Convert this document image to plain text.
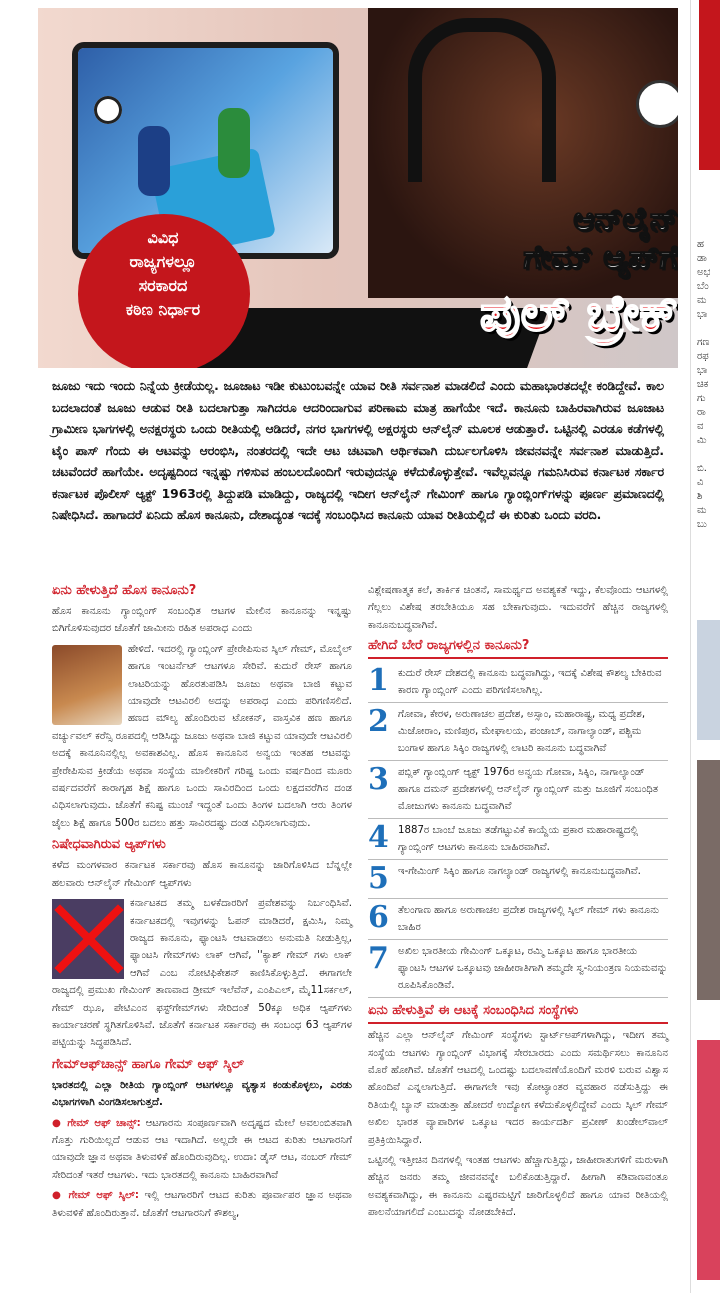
ವಿವಿಧ
ರಾಜ್ಯಗಳಲ್ಲೂ
ಸರಕಾರದ
ಕಠಿಣ ನಿರ್ಧಾರ
ಆನ್‌ಲೈನ್
ಗೇಮ್ ಆ್ಯಪ್‌ಗೆ
ಪುಲ್ ಬ್ರೇಕ್
ಜೂಜು ಇದು ಇಂದು ನಿನ್ನೆಯ ಕ್ರೀಡೆಯಲ್ಲ. ಜೂಜಾಟ ಇಡೀ ಕುಟುಂಬವನ್ನೇ ಯಾವ ರೀತಿ ಸರ್ವನಾಶ ಮಾಡಲಿದೆ ಎಂದು ಮಹಾಭಾರತದಲ್ಲೇ ಕಂಡಿದ್ದೇವೆ. ಕಾಲ ಬದಲಾದಂತೆ ಜೂಜು ಆಡುವ ರೀತಿ ಬದಲಾಗುತ್ತಾ ಸಾಗಿದರೂ ಆದರಿಂದಾಗುವ ಪರಿಣಾಮ ಮಾತ್ರ ಹಾಗೆಯೇ ಇದೆ. ಕಾನೂನು ಬಾಹಿರವಾಗಿರುವ ಜೂಜಾಟ ಗ್ರಾಮೀಣ ಭಾಗಗಳಲ್ಲಿ ಅನಕ್ಷರಸ್ಥರು ಒಂದು ರೀತಿಯಲ್ಲಿ ಆಡಿದರೆ, ನಗರ ಭಾಗಗಳಲ್ಲಿ ಅಕ್ಷರಸ್ಥರು ಆನ್‌ಲೈನ್ ಮೂಲಕ ಆಡುತ್ತಾರೆ. ಒಟ್ಟಿನಲ್ಲಿ ಎರಡೂ ಕಡೆಗಳಲ್ಲಿ ಟೈಂ ಪಾಸ್ ಗೆಂದು ಈ ಆಟವನ್ನು ಆರಂಭಿಸಿ, ನಂತರದಲ್ಲಿ ಇದೇ ಆಟ ಚಟವಾಗಿ ಆರ್ಥಿಕವಾಗಿ ದುರ್ಬಲಗೊಳಿಸಿ ಜೀವನವನ್ನೇ ಸರ್ವನಾಶ ಮಾಡುತ್ತಿದೆ. ಚಟವೆಂದರೆ ಹಾಗೆಯೇ. ಅದೃಷ್ಟದಿಂದ ಇನ್ನಷ್ಟು ಗಳಿಸುವ ಹಂಬಲದೊಂದಿಗೆ ಇರುವುದನ್ನೂ ಕಳೆದುಕೊಳ್ಳುತ್ತೇವೆ. ಇವೆಲ್ಲವನ್ನೂ ಗಮನಿಸಿರುವ ಕರ್ನಾಟಕ ಸರ್ಕಾರ ಕರ್ನಾಟಕ ಪೊಲೀಸ್ ಆ್ಯಕ್ಟ್ 1963ರಲ್ಲಿ ತಿದ್ದುಪಡಿ ಮಾಡಿದ್ದು, ರಾಜ್ಯದಲ್ಲಿ ಇದೀಗ ಆನ್‌ಲೈನ್ ಗೇಮಿಂಗ್ ಹಾಗೂ ಗ್ಯಾಂಬ್ಲಿಂಗ್‌ಗಳನ್ನು ಪೂರ್ಣ ಪ್ರಮಾಣದಲ್ಲಿ ನಿಷೇಧಿಸಿದೆ. ಹಾಗಾದರೆ ಏನಿದು ಹೊಸ ಕಾನೂನು, ದೇಶಾದ್ಯಂತ ಇದಕ್ಕೆ ಸಂಬಂಧಿಸಿದ ಕಾನೂನು ಯಾವ ರೀತಿಯಲ್ಲಿದೆ ಈ ಕುರಿತು ಒಂದು ವರದಿ.
ಏನು ಹೇಳುತ್ತಿದೆ ಹೊಸ ಕಾನೂನು?
ಹೊಸ ಕಾನೂನು ಗ್ಯಾಂಬ್ಲಿಂಗ್ ಸಂಬಂಧಿತ ಆಟಗಳ ಮೇಲಿನ ಕಾನೂನನ್ನು ಇನ್ನಷ್ಟು ಬಿಗಿಗೊಳಿಸುವುದರ ಜೊತೆಗೆ ಜಾಮೀನು ರಹಿತ ಅಪರಾಧ ಎಂದು
ಹೇಳಿದೆ. ಇದರಲ್ಲಿ ಗ್ಯಾಂಬ್ಲಿಂಗ್ ಪ್ರೇರೇಪಿಸುವ ಸ್ಕಿಲ್ ಗೇಮ್, ಮೊಬೈಲ್ ಹಾಗೂ ಇಂಟರ್ನೆಟ್ ಆಟಗಳೂ ಸೇರಿವೆ. ಕುದುರೆ ರೇಸ್ ಹಾಗೂ ಲಾಟರಿಯನ್ನು ಹೊರತುಪಡಿಸಿ ಜೂಜು ಅಥವಾ ಬಾಜಿ ಕಟ್ಟುವ ಯಾವುದೇ ಆಟವಿರಲಿ ಅದನ್ನು ಅಪರಾಧ ಎಂದು ಪರಿಗಣಿಸಲಿದೆ. ಹಣದ ಮೌಲ್ಯ ಹೊಂದಿರುವ ಟೋಕನ್, ವಾಸ್ತವಿಕ ಹಣ ಹಾಗೂ ವರ್ಚ್ಯುವಲ್ ಕರೆನ್ಸಿ ರೂಪದಲ್ಲಿ ಆಡಿಸಿದ್ದು ಜೂಜು ಅಥವಾ ಬಾಜಿ ಕಟ್ಟುವ ಯಾವುದೇ ಆಟವಿರಲಿ ಅದಕ್ಕೆ ಕಾನೂನಿನಲ್ಲಿಲ್ಲ ಅವಕಾಶವಿಲ್ಲ. ಹೊಸ ಕಾನೂನಿನ ಅನ್ವಯ ಇಂತಹ ಆಟವನ್ನು ಪ್ರೇರೇಪಿಸುವ ಕ್ರೀಡೆಯ ಅಥವಾ ಸಂಸ್ಥೆಯ ಮಾಲೀಕರಿಗೆ ಗರಿಷ್ಟ ಒಂದು ವರ್ಷದಿಂದ ಮೂರು ವರ್ಷದವರೆಗೆ ಕಾರಾಗೃಹ ಶಿಕ್ಷೆ ಹಾಗೂ ಒಂದು ಸಾವಿರದಿಂದ ಒಂದು ಲಕ್ಷದವರೆಗಿನ ದಂಡ ವಿಧಿಸಲಾಗುವುದು. ಜೊತೆಗೆ ಕನಿಷ್ಟ ಮುಂಚೆ ಇದ್ದಂತೆ ಒಂದು ತಿಂಗಳ ಬದಲಾಗಿ ಆರು ತಿಂಗಳ ಜೈಲು ಶಿಕ್ಷೆ ಹಾಗೂ 500ರ ಬದಲು ಹತ್ತು ಸಾವಿರದಷ್ಟು ದಂಡ ವಿಧಿಸಲಾಗುವುದು.
ನಿಷೇಧವಾಗಿರುವ ಆ್ಯಪ್‌ಗಳು
ಕಳೆದ ಮಂಗಳವಾರ ಕರ್ನಾಟಕ ಸರ್ಕಾರವು ಹೊಸ ಕಾನೂನನ್ನು ಜಾರಿಗೊಳಿಸಿದ ಬೆನ್ನಲ್ಲೇ ಹಲವಾರು ಆನ್‌ಲೈನ್ ಗೇಮಿಂಗ್ ಆ್ಯಪ್‌ಗಳು
ಕರ್ನಾಟಕದ ತಮ್ಮ ಬಳಕೆದಾರರಿಗೆ ಪ್ರವೇಶವನ್ನು ನಿರ್ಬಂಧಿಸಿವೆ. ಕರ್ನಾಟಕದಲ್ಲಿ ಇವುಗಳನ್ನು ಓಪನ್ ಮಾಡಿದರೆ, ಕ್ಷಮಿಸಿ, ನಿಮ್ಮ ರಾಜ್ಯದ ಕಾನೂನು, ಫ್ಯಾಂಟಸಿ ಆಟವಾಡಲು ಅನುಮತಿ ನೀಡುತ್ತಿಲ್ಲ, ಫ್ಯಾಂಟಸಿ ಗೇಮ್‌ಗಳು ಲಾಕ್ ಆಗಿವೆ, ''ಕ್ಯಾಶ್ ಗೇಮ್ ಗಳು ಲಾಕ್ ಆಗಿವೆ ಎಂಬ ನೋಟಿಫಿಕೇಶನ್ ಕಾಣಿಸಿಕೊಳ್ಳುತ್ತಿದೆ. ಈಗಾಗಲೇ ರಾಜ್ಯದಲ್ಲಿ ಪ್ರಮುಖ ಗೇಮಿಂಗ್ ತಾಣವಾದ ಡ್ರೀಮ್ ಇಲೆವೆನ್, ಎಂಪಿಎಲ್, ಮೈ11ಸರ್ಕಲ್, ಗೇಮ್ ಝೂ, ಪೇಟಿಎಂನ ಫಸ್ಟ್‌ಗೇಮ್‌ಗಳು ಸೇರಿದಂತೆ 50ಕ್ಕೂ ಅಧಿಕ ಆ್ಯಪ್‌ಗಳು ಕಾರ್ಯಾಚರಣೆ ಸ್ಥಗಿತಗೊಳಿಸಿವೆ. ಜೊತೆಗೆ ಕರ್ನಾಟಕ ಸರ್ಕಾರವು ಈ ಸಂಬಂಧ 63 ಆ್ಯಪ್‌ಗಳ ಪಟ್ಟಿಯನ್ನು ಸಿದ್ಧಪಡಿಸಿದೆ.
ಗೇಮ್‌ಆಫ್‌ಚಾನ್ಸ್ ಹಾಗೂ ಗೇಮ್ ಆಫ್ ಸ್ಕಿಲ್
ಭಾರತದಲ್ಲಿ ಎಲ್ಲಾ ರೀತಿಯ ಗ್ಯಾಂಬ್ಲಿಂಗ್ ಆಟಗಳಲ್ಲೂ ವ್ಯತ್ಯಾಸ ಕಂಡುಕೊಳ್ಳಲು, ಎರಡು ವಿಭಾಗಗಳಾಗಿ ವಿಂಗಡಿಸಲಾಗುತ್ತದೆ.
● ಗೇಮ್ ಆಫ್ ಚಾನ್ಸ್: ಆಟಗಾರನು ಸಂಪೂರ್ಣವಾಗಿ ಅದೃಷ್ಟದ ಮೇಲೆ ಅವಲಂಬಿತವಾಗಿ ಗೊತ್ತು ಗುರಿಯಿಲ್ಲದೆ ಆಡುವ ಆಟ ಇದಾಗಿದೆ. ಅಲ್ಲದೇ ಈ ಆಟದ ಕುರಿತು ಆಟಗಾರನಿಗೆ ಯಾವುದೇ ಜ್ಞಾನ ಅಥವಾ ತಿಳುವಳಿಕೆ ಹೊಂದಿರುವುದಿಲ್ಲ. ಉದಾ: ಡೈಸ್ ಆಟ, ನಂಬರ್ ಗೇಮ್ ಸೇರಿದಂತೆ ಇತರೆ ಆಟಗಳು. ಇದು ಭಾರತದಲ್ಲಿ ಕಾನೂನು ಬಾಹಿರವಾಗಿವೆ
● ಗೇಮ್ ಆಫ್ ಸ್ಕಿಲ್: ಇಲ್ಲಿ ಆಟಗಾರರಿಗೆ ಆಟದ ಕುರಿತು ಪೂರ್ವಾಪರ ಜ್ಞಾನ ಅಥವಾ ತಿಳುವಳಿಕೆ ಹೊಂದಿರುತ್ತಾನೆ. ಜೊತೆಗೆ ಆಟಗಾರನಿಗೆ ಕೌಶಲ್ಯ,
ವಿಶ್ಲೇಷಣಾತ್ಮಕ ಕಲೆ, ತಾರ್ಕಿಕ ಚಿಂತನೆ, ಸಾಮರ್ಥ್ಯದ ಅವಶ್ಯಕತೆ ಇದ್ದು, ಕೆಲವೊಂದು ಆಟಗಳಲ್ಲಿ ಗೆಲ್ಲಲು ವಿಶೇಷ ತರಬೇತಿಯೂ ಸಹ ಬೇಕಾಗುವುದು. ಇದುವರೆಗೆ ಹೆಚ್ಚಿನ ರಾಜ್ಯಗಳಲ್ಲಿ ಕಾನೂನುಬದ್ಧವಾಗಿವೆ.
ಹೇಗಿದೆ ಬೇರೆ ರಾಜ್ಯಗಳಲ್ಲಿನ ಕಾನೂನು?
1 ಕುದುರೆ ರೇಸ್ ದೇಶದಲ್ಲಿ ಕಾನೂನು ಬದ್ಧವಾಗಿದ್ದು, ಇದಕ್ಕೆ ವಿಶೇಷ ಕೌಶಲ್ಯ ಬೇಕಿರುವ ಕಾರಣ ಗ್ಯಾಂಬ್ಲಿಂಗ್ ಎಂದು ಪರಿಗಣಿಸಲಾಗಿಲ್ಲ.
2 ಗೋವಾ, ಕೇರಳ, ಅರುಣಾಚಲ ಪ್ರದೇಶ, ಅಸ್ಸಾಂ, ಮಹಾರಾಷ್ಟ್ರ, ಮಧ್ಯ ಪ್ರದೇಶ, ಮಿಜೋರಾಂ, ಮಣಿಪುರ, ಮೇಘಾಲಯ, ಪಂಜಾಬ್, ನಾಗಾಲ್ಯಾಂಡ್, ಪಶ್ಚಿಮ ಬಂಗಾಳ ಹಾಗೂ ಸಿಕ್ಕಿಂ ರಾಜ್ಯಗಳಲ್ಲಿ ಲಾಟರಿ ಕಾನೂನು ಬದ್ಧವಾಗಿವೆ
3 ಪಬ್ಲಿಕ್ ಗ್ಯಾಂಬ್ಲಿಂಗ್ ಆ್ಯಕ್ಟ್ 1976ರ ಅನ್ವಯ ಗೋವಾ, ಸಿಕ್ಕಿಂ, ನಾಗಾಲ್ಯಾಂಡ್ ಹಾಗೂ ದಮನ್ ಪ್ರದೇಶಗಳಲ್ಲಿ ಆನ್‌ಲೈನ್ ಗ್ಯಾಂಬ್ಲಿಂಗ್ ಮತ್ತು ಜೂಜಿಗೆ ಸಂಬಂಧಿತ ಮೋಜುಗಳು ಕಾನೂನು ಬದ್ಧವಾಗಿವೆ
4 1887ರ ಬಾಂಬೆ ಜೂಜು ತಡೆಗಟ್ಟುವಿಕೆ ಕಾಯ್ದೆಯ ಪ್ರಕಾರ ಮಹಾರಾಷ್ಟ್ರದಲ್ಲಿ ಗ್ಯಾಂಬ್ಲಿಂಗ್ ಆಟಗಳು ಕಾನೂನು ಬಾಹಿರವಾಗಿವೆ.
5 ಇ-ಗೇಮಿಂಗ್ ಸಿಕ್ಕಿಂ ಹಾಗೂ ನಾಗಲ್ಯಾಂಡ್ ರಾಜ್ಯಗಳಲ್ಲಿ ಕಾನೂನುಬದ್ಧವಾಗಿವೆ.
6 ತೆಲಂಗಾಣ ಹಾಗೂ ಅರುಣಾಚಲ ಪ್ರದೇಶ ರಾಜ್ಯಗಳಲ್ಲಿ ಸ್ಕಿಲ್ ಗೇಮ್ ಗಳು ಕಾನೂನು ಬಾಹಿರ
7 ಅಖಿಲ ಭಾರತೀಯ ಗೇಮಿಂಗ್ ಒಕ್ಕೂಟ, ರಮ್ಮಿ ಒಕ್ಕೂಟ ಹಾಗೂ ಭಾರತೀಯ ಫ್ಯಾಂಟಸಿ ಆಟಗಳ ಒಕ್ಕೂಟವು ಜಾಹೀರಾತಿಗಾಗಿ ತಮ್ಮದೇ ಸ್ವ-ನಿಯಂತ್ರಣ ನಿಯಮವನ್ನು ರೂಪಿಸಿಕೊಂಡಿವೆ.
ಏನು ಹೇಳುತ್ತಿವೆ ಈ ಆಟಕ್ಕೆ ಸಂಬಂಧಿಸಿದ ಸಂಸ್ಥೆಗಳು
ಹೆಚ್ಚಿನ ಎಲ್ಲಾ ಆನ್‌ಲೈನ್ ಗೇಮಿಂಗ್ ಸಂಸ್ಥೆಗಳು ಸ್ಟಾರ್ಟ್‌ಅಪ್‌ಗಳಾಗಿದ್ದು, ಇದೀಗ ತಮ್ಮ ಸಂಸ್ಥೆಯ ಆಟಗಳು ಗ್ಯಾಂಬ್ಲಿಂಗ್ ವಿಭಾಗಕ್ಕೆ ಸೇರಬಾರದು ಎಂದು ಸಮರ್ಥಿಸಲು ಕಾನೂನಿನ ಮೊರೆ ಹೋಗಿವೆ. ಜೊತೆಗೆ ಆಟದಲ್ಲಿ ಒಂದಷ್ಟು ಬದಲಾವಣೆಯೊಂದಿಗೆ ಮರಳಿ ಬರುವ ವಿಶ್ವಾಸ ಹೊಂದಿವೆ ಎನ್ನಲಾಗುತ್ತಿದೆ. ಈಗಾಗಲೇ ಇವು ಕೋಟ್ಯಾಂತರ ವ್ಯವಹಾರ ನಡೆಸುತ್ತಿದ್ದು ಈ ರಿತಿಯಲ್ಲಿ ಬ್ಯಾನ್ ಮಾಡುತ್ತಾ ಹೋದರೆ ಉದ್ಯೋಗ ಕಳೆದುಕೊಳ್ಳಲಿದ್ದೇವೆ ಎಂದು ಸ್ಕಿಲ್ ಗೇಮ್ ಅಖಿಲ ಭಾರತ ವ್ಯಾಪಾರಿಗಳ ಒಕ್ಕೂಟ ಇದರ ಕಾರ್ಯದರ್ಶಿ ಪ್ರವೀಣ್ ಖಂಡೇಲ್‌ವಾಲ್ ಪ್ರತಿಕ್ರಿಯಿಸಿದ್ದಾರೆ.
ಒಟ್ಟಿನಲ್ಲಿ ಇತ್ತೀಚಿನ ದಿನಗಳಲ್ಲಿ ಇಂತಹ ಆಟಗಳು ಹೆಚ್ಚಾಗುತ್ತಿದ್ದು, ಜಾಹೀರಾತುಗಳಿಗೆ ಮರುಳಾಗಿ ಹೆಚ್ಚಿನ ಜನರು ತಮ್ಮ ಜೀವನವನ್ನೇ ಬಲಿಕೊಡುತ್ತಿದ್ದಾರೆ. ಹೀಗಾಗಿ ಕಡಿವಾಣವಂತೂ ಅವಶ್ಯಕವಾಗಿದ್ದು, ಈ ಕಾನೂನು ಎಷ್ಟರಮಟ್ಟಿಗೆ ಜಾರಿಗೊಳ್ಳಲಿದೆ ಹಾಗೂ ಯಾವ ರೀತಿಯಲ್ಲಿ ಪಾಲನೆಯಾಗಲಿದೆ ಎಂಬುದನ್ನು ನೋಡಬೇಕಿದೆ.
ಹ
ಡಾ
ಅಭ
ಬೆಂ
ಮ
ಭಾ

ಗಣ
ರಫ
ಭಾ
ಚಿಕ
ಗು
ರಾ
ವ
ಮಿ

ಬಿ.
ವಿ
ಶಿ
ಮ
ಬು
